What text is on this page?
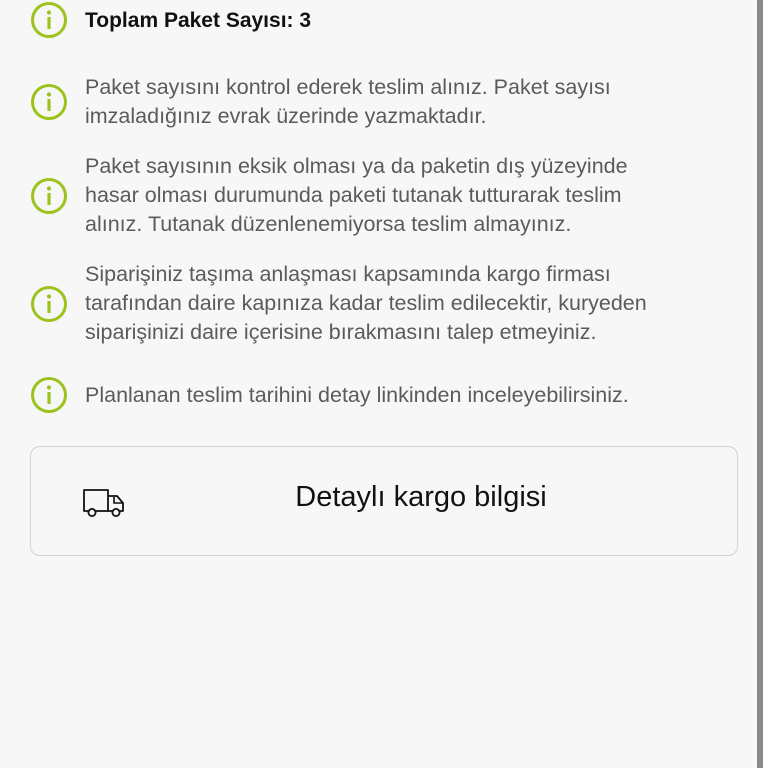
Toplam Paket Sayısı: 3
Paket sayısını kontrol ederek teslim alınız. Paket sayısı
imzaladığınız evrak üzerinde yazmaktadır.
Paket sayısının eksik olması ya da paketin dış yüzeyinde
hasar olması durumunda paketi tutanak tutturarak teslim
alınız. Tutanak düzenlenemiyorsa teslim almayınız.
Siparişiniz taşıma anlaşması kapsamında kargo firması
tarafından daire kapınıza kadar teslim edilecektir, kuryeden
siparişinizi daire içerisine bırakmasını talep etmeyiniz.
Planlanan teslim tarihini detay linkinden inceleyebilirsiniz.
Detaylı kargo bilgisi
